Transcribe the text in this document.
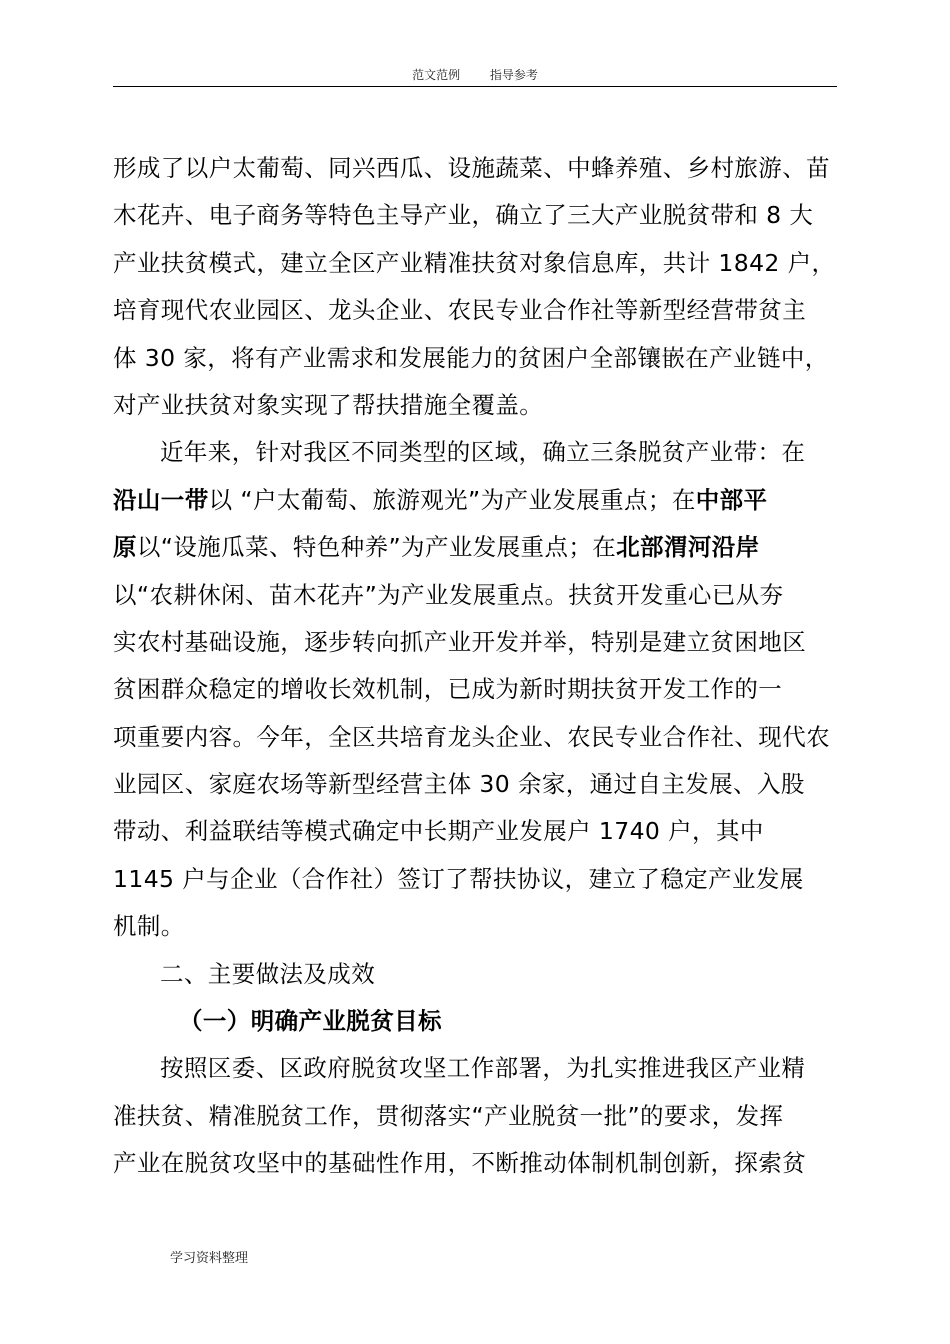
范文范例 指导参考
形成了以户太葡萄、同兴西瓜、设施蔬菜、中蜂养殖、乡村旅游、苗
木花卉、电子商务等特色主导产业，确立了三大产业脱贫带和 8 大
产业扶贫模式，建立全区产业精准扶贫对象信息库，共计 1842 户，
培育现代农业园区、龙头企业、农民专业合作社等新型经营带贫主
体 30 家，将有产业需求和发展能力的贫困户全部镶嵌在产业链中，
对产业扶贫对象实现了帮扶措施全覆盖。
近年来，针对我区不同类型的区域，确立三条脱贫产业带：在
沿山一带以 “户太葡萄、旅游观光”为产业发展重点；在中部平
原以“设施瓜菜、特色种养”为产业发展重点；在北部渭河沿岸
以“农耕休闲、苗木花卉”为产业发展重点。扶贫开发重心已从夯
实农村基础设施，逐步转向抓产业开发并举，特别是建立贫困地区
贫困群众稳定的增收长效机制，已成为新时期扶贫开发工作的一
项重要内容。今年，全区共培育龙头企业、农民专业合作社、现代农
业园区、家庭农场等新型经营主体 30 余家，通过自主发展、入股
带动、利益联结等模式确定中长期产业发展户 1740 户，其中
1145 户与企业（合作社）签订了帮扶协议，建立了稳定产业发展
机制。
二、主要做法及成效
（一）明确产业脱贫目标
按照区委、区政府脱贫攻坚工作部署，为扎实推进我区产业精
准扶贫、精准脱贫工作，贯彻落实“产业脱贫一批”的要求，发挥
产业在脱贫攻坚中的基础性作用，不断推动体制机制创新，探索贫
学习资料整理
